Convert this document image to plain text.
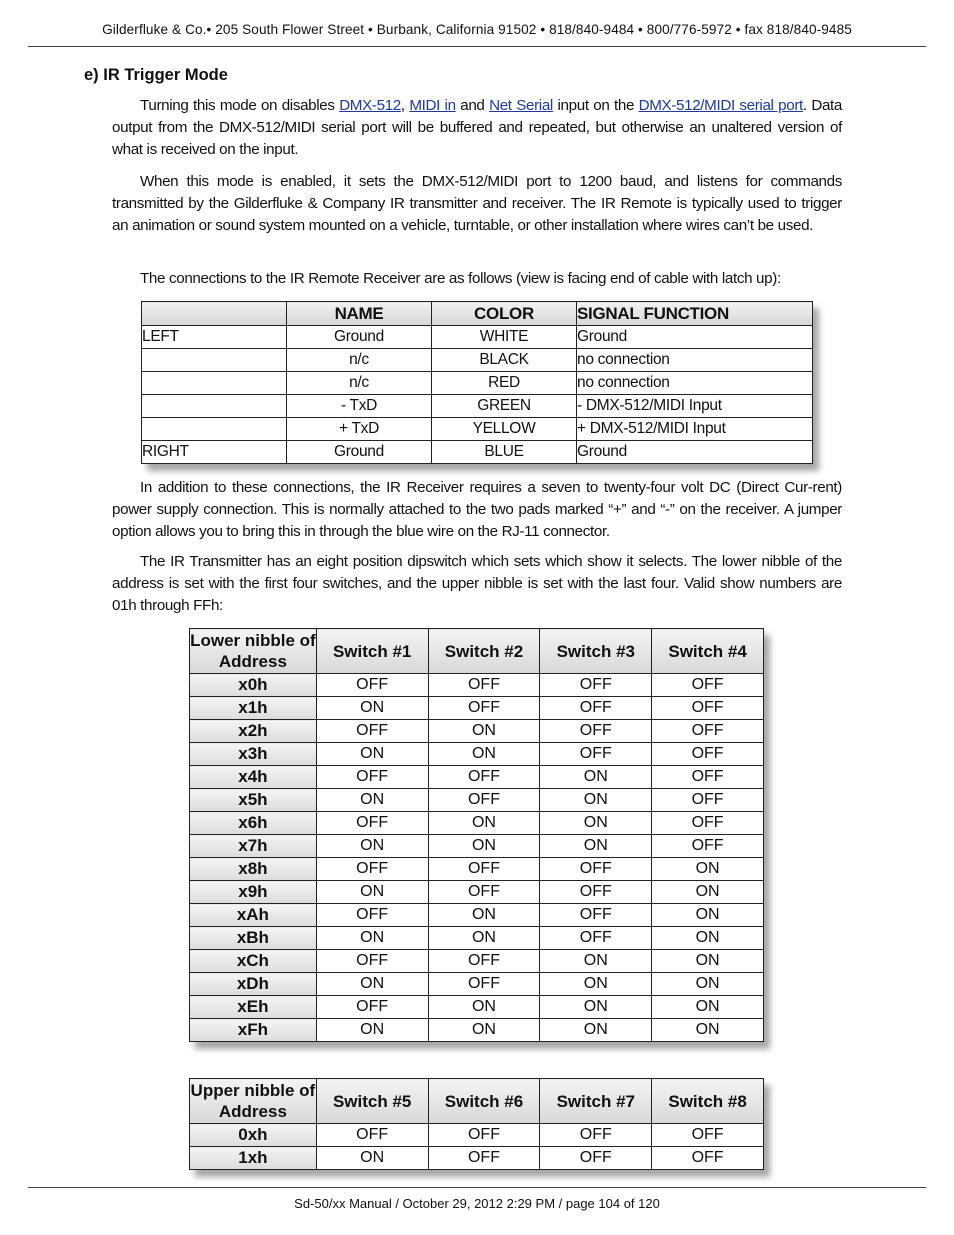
Gilderfluke & Co.• 205 South Flower Street • Burbank, California 91502 • 818/840-9484 • 800/776-5972 • fax 818/840-9485
e) IR Trigger Mode
Turning this mode on disables DMX-512, MIDI in and Net Serial input on the DMX-512/MIDI serial port. Data output from the DMX-512/MIDI serial port will be buffered and repeated, but otherwise an unaltered version of what is received on the input.
When this mode is enabled, it sets the DMX-512/MIDI port to 1200 baud, and listens for commands transmitted by the Gilderfluke & Company IR transmitter and receiver. The IR Remote is typically used to trigger an animation or sound system mounted on a vehicle, turntable, or other installation where wires can’t be used.
The connections to the IR Remote Receiver are as follows (view is facing end of cable with latch up):
	NAME	COLOR	SIGNAL FUNCTION
LEFT	Ground	WHITE	Ground
	n/c	BLACK	no connection
	n/c	RED	no connection
	- TxD	GREEN	- DMX-512/MIDI Input
	+ TxD	YELLOW	+ DMX-512/MIDI Input
RIGHT	Ground	BLUE	Ground
In addition to these connections, the IR Receiver requires a seven to twenty-four volt DC (Direct Cur-rent) power supply connection. This is normally attached to the two pads marked “+” and “-” on the receiver. A jumper option allows you to bring this in through the blue wire on the RJ-11 connector.
The IR Transmitter has an eight position dipswitch which sets which show it selects. The lower nibble of the address is set with the first four switches, and the upper nibble is set with the last four. Valid show numbers are 01h through FFh:
Lower nibble of Address	Switch #1	Switch #2	Switch #3	Switch #4
x0h	OFF	OFF	OFF	OFF
x1h	ON	OFF	OFF	OFF
x2h	OFF	ON	OFF	OFF
x3h	ON	ON	OFF	OFF
x4h	OFF	OFF	ON	OFF
x5h	ON	OFF	ON	OFF
x6h	OFF	ON	ON	OFF
x7h	ON	ON	ON	OFF
x8h	OFF	OFF	OFF	ON
x9h	ON	OFF	OFF	ON
xAh	OFF	ON	OFF	ON
xBh	ON	ON	OFF	ON
xCh	OFF	OFF	ON	ON
xDh	ON	OFF	ON	ON
xEh	OFF	ON	ON	ON
xFh	ON	ON	ON	ON
Upper nibble of Address	Switch #5	Switch #6	Switch #7	Switch #8
0xh	OFF	OFF	OFF	OFF
1xh	ON	OFF	OFF	OFF
Sd-50/xx Manual / October 29, 2012 2:29 PM / page 104 of 120
